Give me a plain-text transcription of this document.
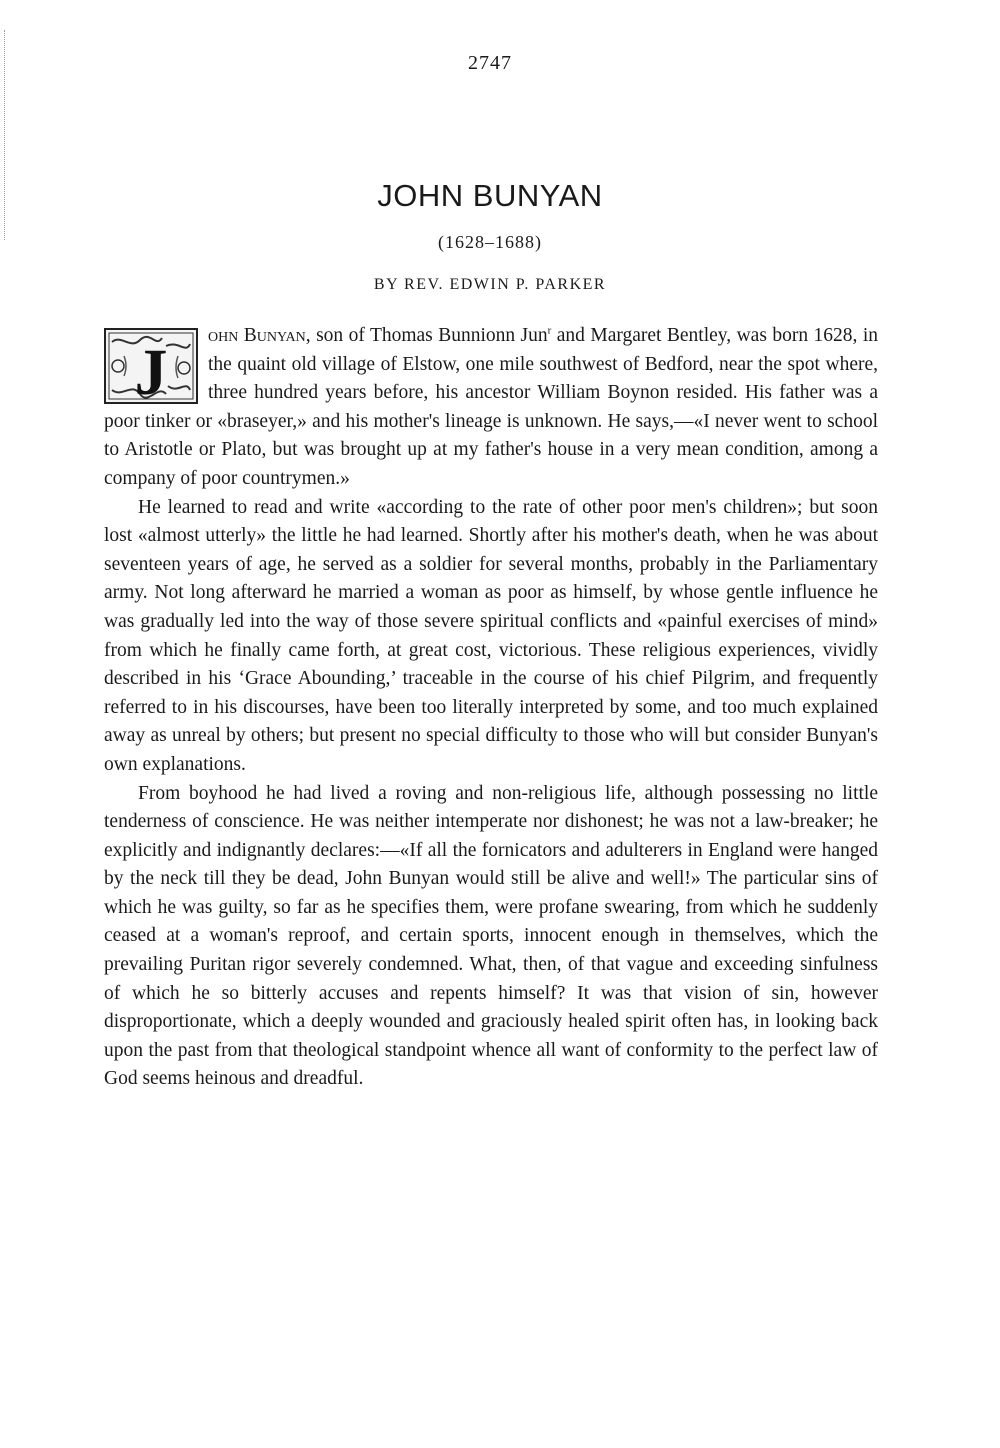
2747
JOHN BUNYAN
(1628–1688)
BY REV. EDWIN P. PARKER

J
ohn Bunyan, son of Thomas Bunnionn Jun$^r$ and Margaret Bentley, was born 1628, in the quaint old village of Elstow, one mile southwest of Bedford, near the spot where, three hundred years before, his ancestor William Boynon resided. His father was a poor tinker or «braseyer,» and his mother's lineage is unknown. He says,—«I never went to school to Aristotle or Plato, but was brought up at my father's house in a very mean condition, among a company of poor countrymen.»

He learned to read and write «according to the rate of other poor men's children»; but soon lost «almost utterly» the little he had learned. Shortly after his mother's death, when he was about seventeen years of age, he served as a soldier for several months, probably in the Parliamentary army. Not long afterward he married a woman as poor as himself, by whose gentle influence he was gradually led into the way of those severe spiritual conflicts and «painful exercises of mind» from which he finally came forth, at great cost, victorious. These religious experiences, vividly described in his ‘Grace Abounding,’ traceable in the course of his chief Pilgrim, and frequently referred to in his discourses, have been too literally interpreted by some, and too much explained away as unreal by others; but present no special difficulty to those who will but consider Bunyan's own explanations.

From boyhood he had lived a roving and non-religious life, although possessing no little tenderness of conscience. He was neither intemperate nor dishonest; he was not a law-breaker; he explicitly and indignantly declares:—«If all the fornicators and adulterers in England were hanged by the neck till they be dead, John Bunyan would still be alive and well!» The particular sins of which he was guilty, so far as he specifies them, were profane swearing, from which he suddenly ceased at a woman's reproof, and certain sports, innocent enough in themselves, which the prevailing Puritan rigor severely condemned. What, then, of that vague and exceeding sinfulness of which he so bitterly accuses and repents himself? It was that vision of sin, however disproportionate, which a deeply wounded and graciously healed spirit often has, in looking back upon the past from that theological standpoint whence all want of conformity to the perfect law of God seems heinous and dreadful.
